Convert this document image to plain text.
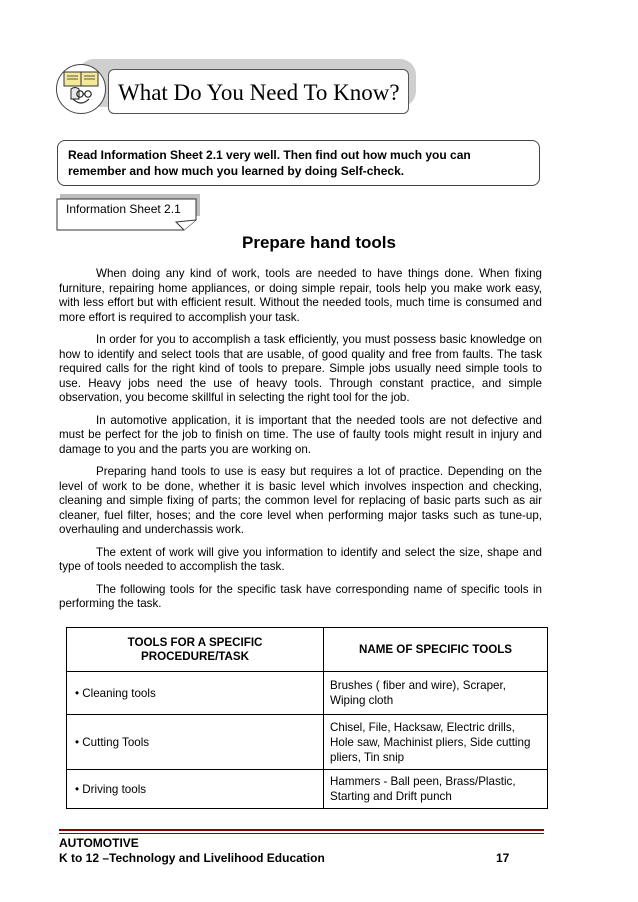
What Do You Need To Know?
Read Information Sheet 2.1 very well. Then find out how much you can remember and how much you learned by doing Self-check.
Information Sheet 2.1
Prepare hand tools

When doing any kind of work, tools are needed to have things done. When fixing furniture, repairing home appliances, or doing simple repair, tools help you make work easy, with less effort but with efficient result. Without the needed tools, much time is consumed and more effort is required to accomplish your task.

In order for you to accomplish a task efficiently, you must possess basic knowledge on how to identify and select tools that are usable, of good quality and free from faults. The task required calls for the right kind of tools to prepare. Simple jobs usually need simple tools to use. Heavy jobs need the use of heavy tools. Through constant practice, and simple observation, you become skillful in selecting the right tool for the job.

In automotive application, it is important that the needed tools are not defective and must be perfect for the job to finish on time. The use of faulty tools might result in injury and damage to you and the parts you are working on.

Preparing hand tools to use is easy but requires a lot of practice. Depending on the level of work to be done, whether it is basic level which involves inspection and checking, cleaning and simple fixing of parts; the common level for replacing of basic parts such as air cleaner, fuel filter, hoses; and the core level when performing major tasks such as tune-up, overhauling and underchassis work.

The extent of work will give you information to identify and select the size, shape and type of tools needed to accomplish the task.

The following tools for the specific task have corresponding name of specific tools in performing the task.

TOOLS FOR A SPECIFIC PROCEDURE/TASK	NAME OF SPECIFIC TOOLS
• Cleaning tools	Brushes ( fiber and wire), Scraper, Wiping cloth
• Cutting Tools	Chisel, File, Hacksaw, Electric drills, Hole saw, Machinist pliers, Side cutting pliers, Tin snip
• Driving tools	Hammers - Ball peen, Brass/Plastic, Starting and Drift punch
AUTOMOTIVE
K to 12 –Technology and Livelihood Education	17
